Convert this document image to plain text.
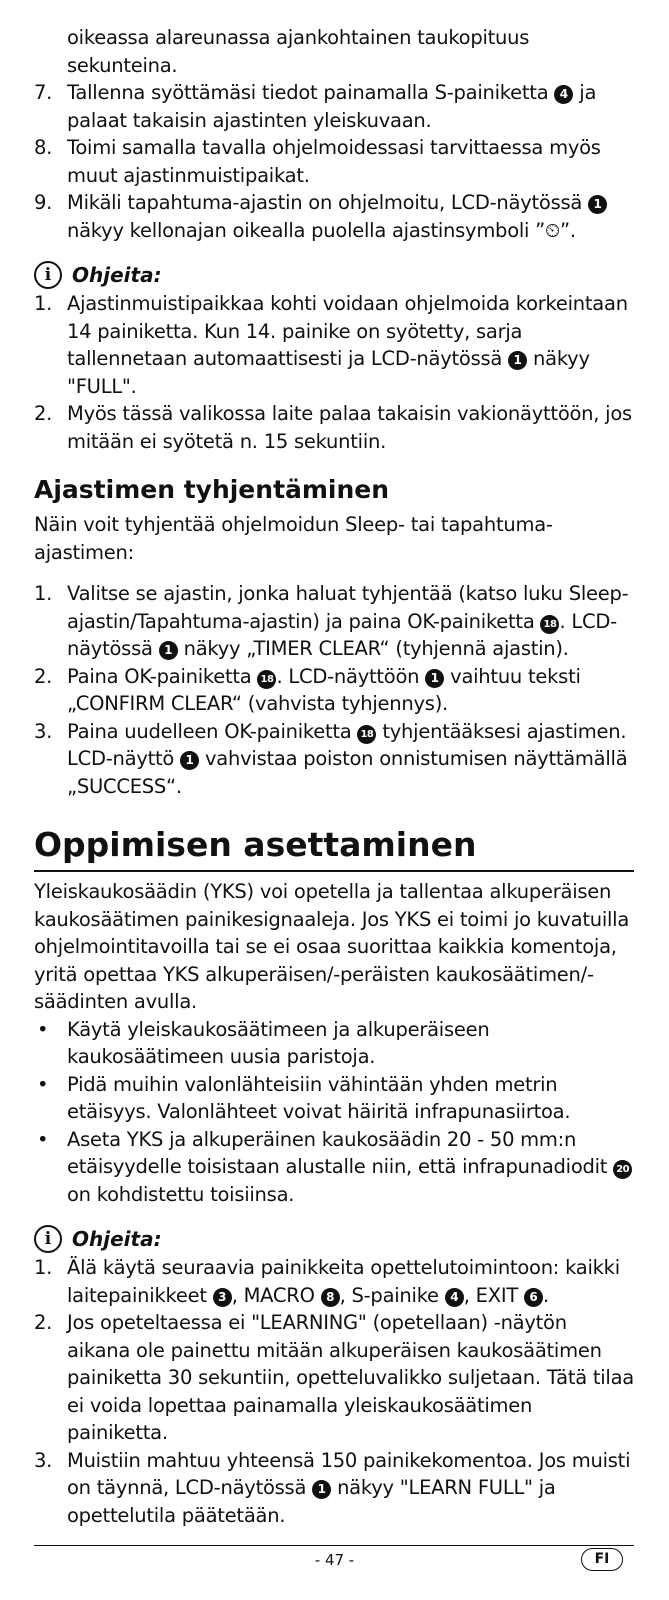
oikeassa alareunassa ajankohtainen taukopituus sekunteina.

7. Tallenna syöttämäsi tiedot painamalla S-painiketta 4 ja palaat takaisin ajastinten yleiskuvaan.
8. Toimi samalla tavalla ohjelmoidessasi tarvittaessa myös muut ajastinmuistipaikat.
9. Mikäli tapahtuma-ajastin on ohjelmoitu, LCD-näytössä 1 näkyy kellonajan oikealla puolella ajastinsymboli ”⏲”.
i	Ohjeita:
1. Ajastinmuistipaikkaa kohti voidaan ohjelmoida korkeintaan 14 painiketta. Kun 14. painike on syötetty, sarja tallennetaan automaattisesti ja LCD-näytössä 1 näkyy "FULL".
2. Myös tässä valikossa laite palaa takaisin vakionäyttöön, jos mitään ei syötetä n. 15 sekuntiin.
Ajastimen tyhjentäminen

Näin voit tyhjentää ohjelmoidun Sleep- tai tapahtuma-ajastimen:

1. Valitse se ajastin, jonka haluat tyhjentää (katso luku Sleep-ajastin/Tapahtuma-ajastin) ja paina OK-painiketta 18 . LCD-näytössä 1 näkyy „TIMER CLEAR“ (tyhjennä ajastin).
2. Paina OK-painiketta 18 . LCD-näyttöön 1 vaihtuu teksti „CONFIRM CLEAR“ (vahvista tyhjennys).
3. Paina uudelleen OK-painiketta 18 tyhjentääksesi ajastimen. LCD-näyttö 1 vahvistaa poiston onnistumisen näyttämällä „SUCCESS“.
Oppimisen asettaminen

Yleiskaukosäädin (YKS) voi opetella ja tallentaa alkuperäisen kaukosäätimen painikesignaaleja. Jos YKS ei toimi jo kuvatuilla ohjelmointitavoilla tai se ei osaa suorittaa kaikkia komentoja, yritä opettaa YKS alkuperäisen/-peräisten kaukosäätimen/-säädinten avulla.

• Käytä yleiskaukosäätimeen ja alkuperäiseen kaukosäätimeen uusia paristoja.
• Pidä muihin valonlähteisiin vähintään yhden metrin etäisyys. Valonlähteet voivat häiritä infrapunasiirtoa.
• Aseta YKS ja alkuperäinen kaukosäädin 20 - 50 mm:n etäisyydelle toisistaan alustalle niin, että infrapunadiodit 20 on kohdistettu toisiinsa.
i	Ohjeita:
1. Älä käytä seuraavia painikkeita opettelutoimintoon: kaikki laitepainikkeet 3 , MACRO 8 , S-painike 4 , EXIT 6 .
2. Jos opeteltaessa ei "LEARNING" (opetellaan) -näytön aikana ole painettu mitään alkuperäisen kaukosäätimen painiketta 30 sekuntiin, opetteluvalikko suljetaan. Tätä tilaa ei voida lopettaa painamalla yleiskaukosäätimen painiketta.
3. Muistiin mahtuu yhteensä 150 painikekomentoa. Jos muisti on täynnä, LCD-näytössä 1 näkyy "LEARN FULL" ja opettelutila päätetään.
- 47 -	FI
